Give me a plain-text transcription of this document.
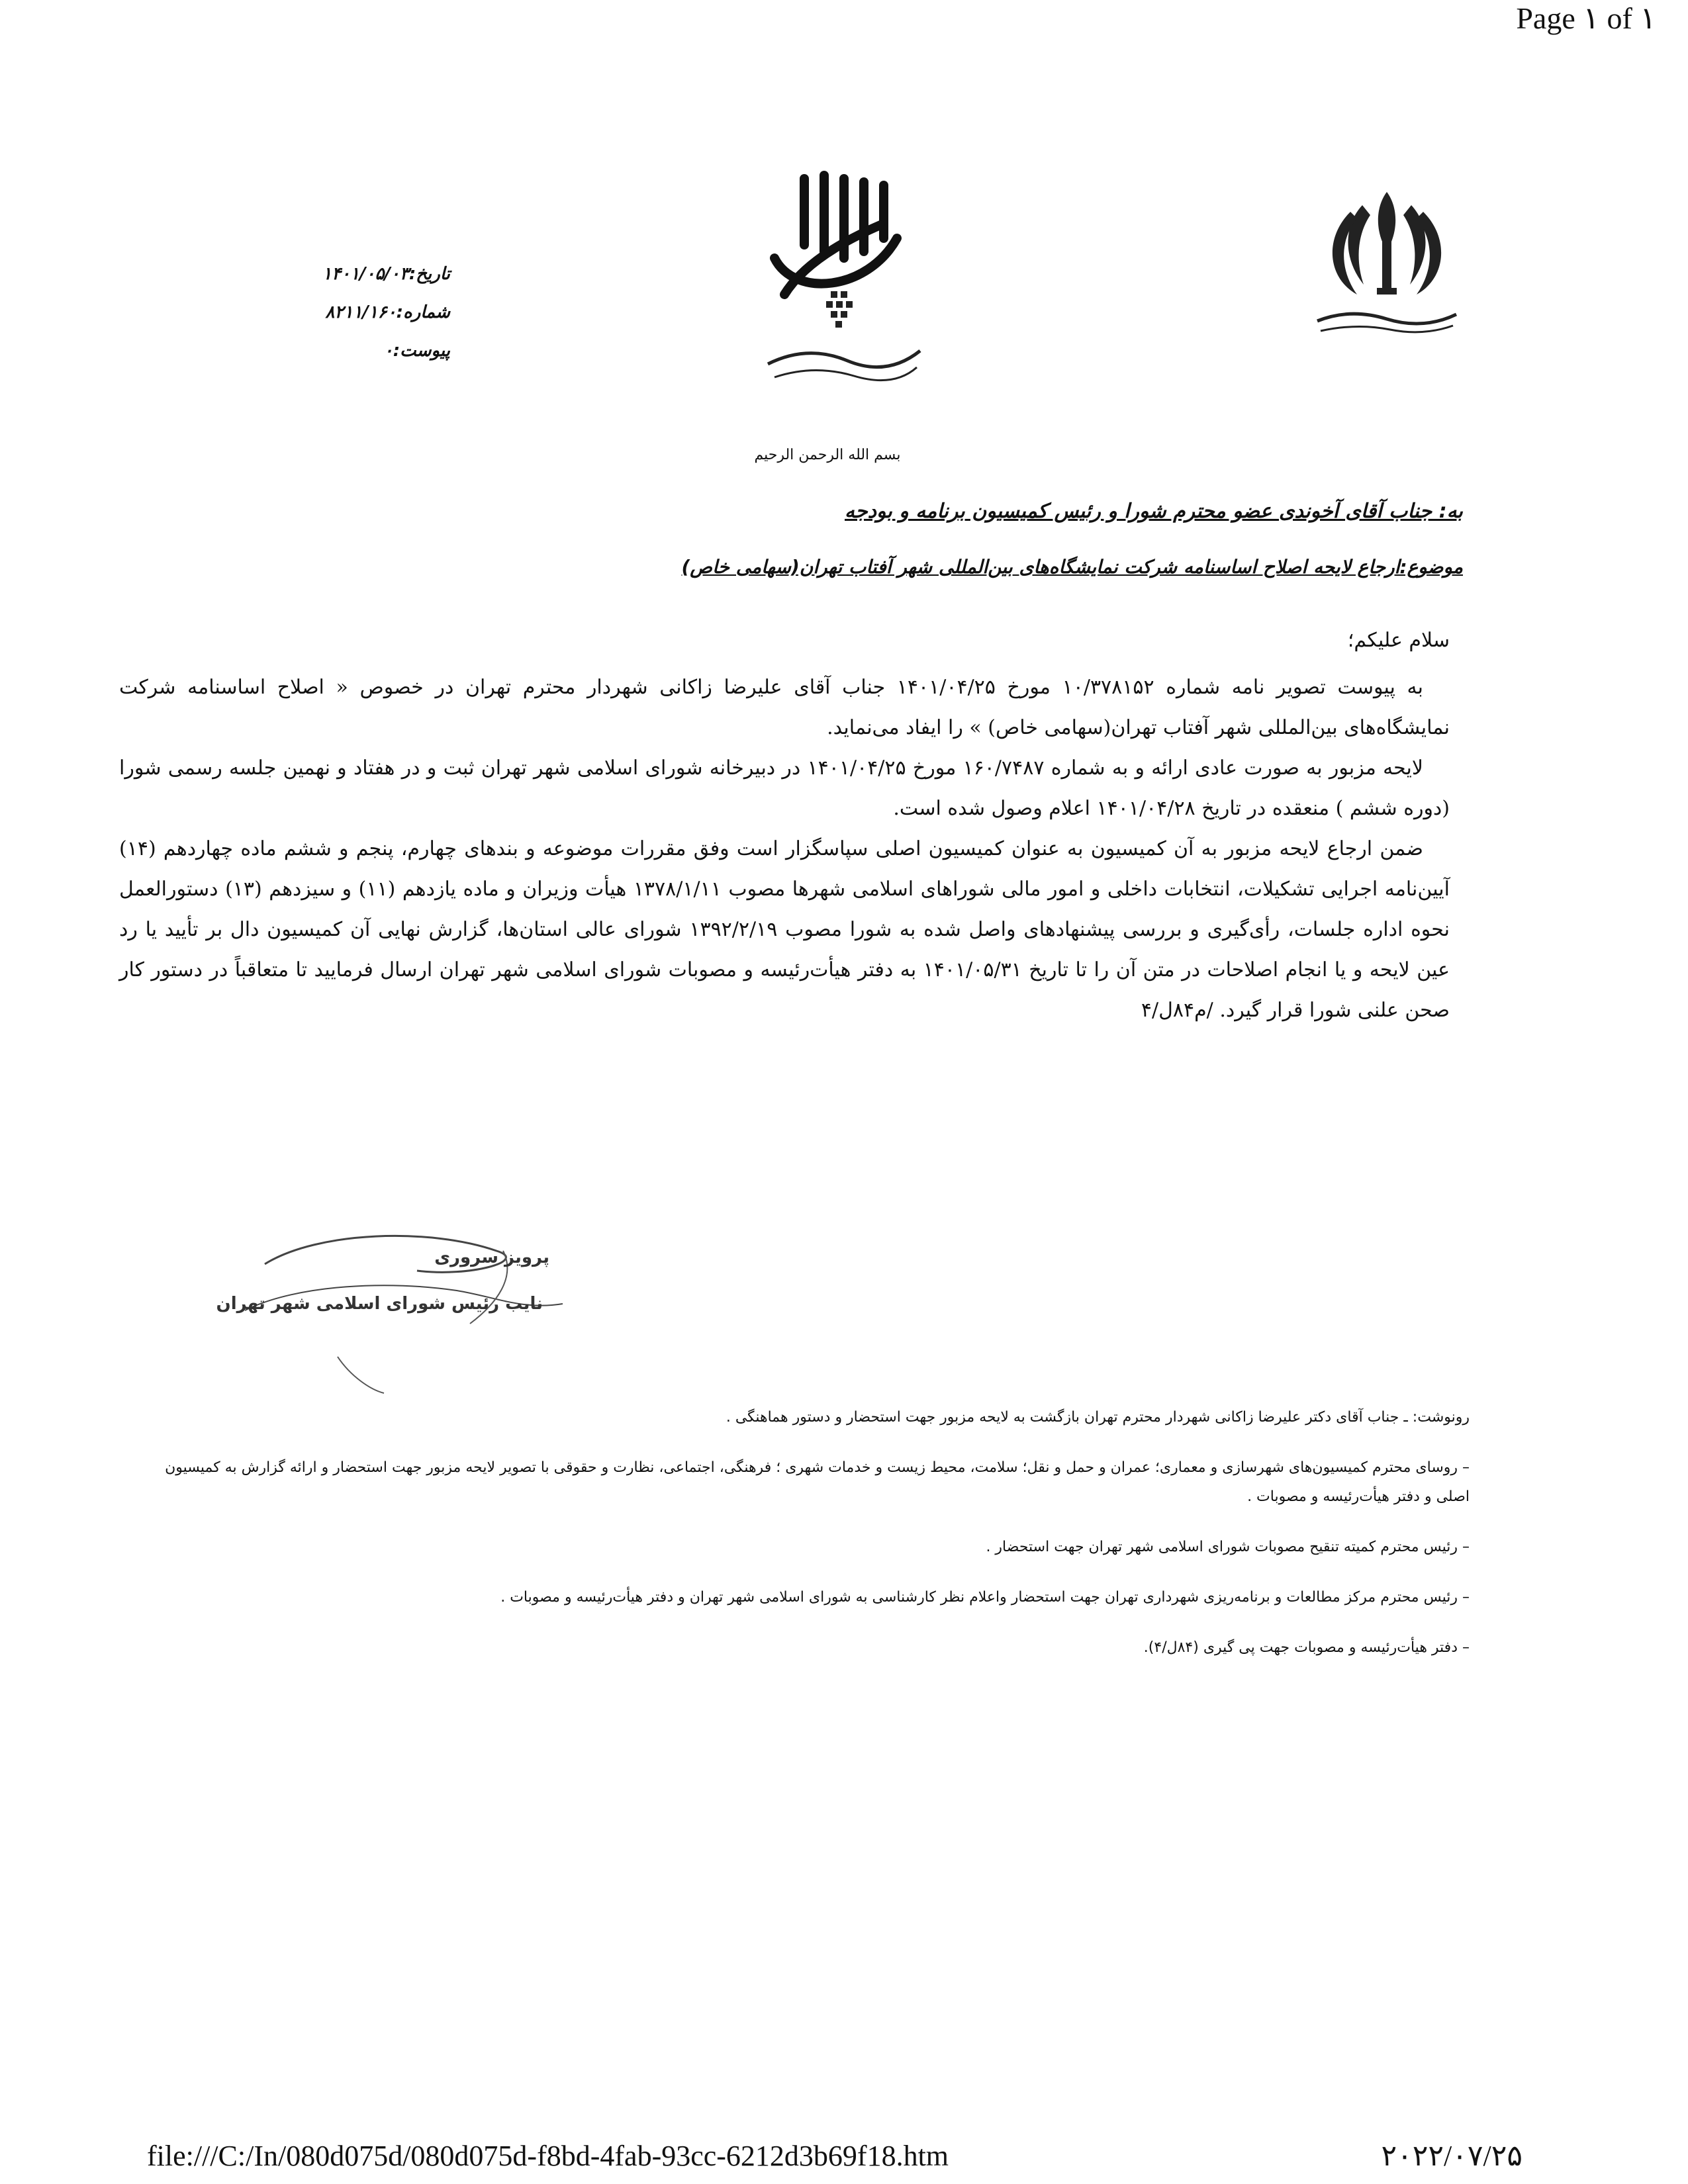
Page ۱ of ۱
تاریخ:۱۴۰۱/۰۵/۰۳
شماره:۸۲۱۱/۱۶۰
پیوست:۰
بسم الله الرحمن الرحیم
به: جناب آقای آخوندی عضو محترم شورا و رئیس کمیسیون برنامه و بودجه
موضوع:ارجاع لایحه اصلاح اساسنامه شرکت نمایشگاه‌های بین‌المللی شهر آفتاب تهران(سهامی خاص)
سلام علیکم؛

به پیوست تصویر نامه شماره ۱۰/۳۷۸۱۵۲ مورخ ۱۴۰۱/۰۴/۲۵ جناب آقای علیرضا زاکانی شهردار محترم تهران در خصوص « اصلاح اساسنامه شرکت نمایشگاه‌های بین‌المللی شهر آفتاب تهران(سهامی خاص) » را ایفاد می‌نماید.

لایحه مزبور به صورت عادی ارائه و به شماره ۱۶۰/۷۴۸۷ مورخ ۱۴۰۱/۰۴/۲۵ در دبیرخانه شورای اسلامی شهر تهران ثبت و در هفتاد و نهمین جلسه رسمی شورا (دوره ششم ) منعقده در تاریخ ۱۴۰۱/۰۴/۲۸ اعلام وصول شده است.

ضمن ارجاع لایحه مزبور به آن کمیسیون به عنوان کمیسیون اصلی سپاسگزار است وفق مقررات موضوعه و بندهای چهارم، پنجم و ششم ماده چهاردهم (۱۴) آیین‌نامه اجرایی تشکیلات، انتخابات داخلی و امور مالی شوراهای اسلامی شهرها مصوب ۱۳۷۸/۱/۱۱ هیأت وزیران و ماده یازدهم (۱۱) و سیزدهم (۱۳) دستورالعمل نحوه اداره جلسات، رأی‌گیری و بررسی پیشنهادهای واصل شده به شورا مصوب ۱۳۹۲/۲/۱۹ شورای عالی استان‌ها، گزارش نهایی آن کمیسیون دال بر تأیید یا رد عین لایحه و یا انجام اصلاحات در متن آن را تا تاریخ ۱۴۰۱/۰۵/۳۱ به دفتر هیأت‌رئیسه و مصوبات شورای اسلامی شهر تهران ارسال فرمایید تا متعاقباً در دستور کار صحن علنی شورا قرار گیرد. /م۸۴ل/۴

پرویز سروری
نایب رئیس شورای اسلامی شهر تهران

رونوشت: ـ جناب آقای دکتر علیرضا زاکانی شهردار محترم تهران بازگشت به لایحه مزبور جهت استحضار و دستور هماهنگی .

– روسای محترم کمیسیون‌های شهرسازی و معماری؛ عمران و حمل و نقل؛ سلامت، محیط زیست و خدمات شهری ؛ فرهنگی، اجتماعی، نظارت و حقوقی با تصویر لایحه مزبور جهت استحضار و ارائه گزارش به کمیسیون اصلی و دفتر هیأت‌رئیسه و مصوبات .

– رئیس محترم کمیته تنقیح مصوبات شورای اسلامی شهر تهران جهت استحضار .

– رئیس محترم مرکز مطالعات و برنامه‌ریزی شهرداری تهران جهت استحضار واعلام نظر کارشناسی به شورای اسلامی شهر تهران و دفتر هیأت‌رئیسه و مصوبات .

– دفتر هیأت‌رئیسه و مصوبات جهت پی گیری (۸۴ل/۴).

file:///C:/In/080d075d/080d075d-f8bd-4fab-93cc-6212d3b69f18.htm	۲۰۲۲/۰۷/۲۵
